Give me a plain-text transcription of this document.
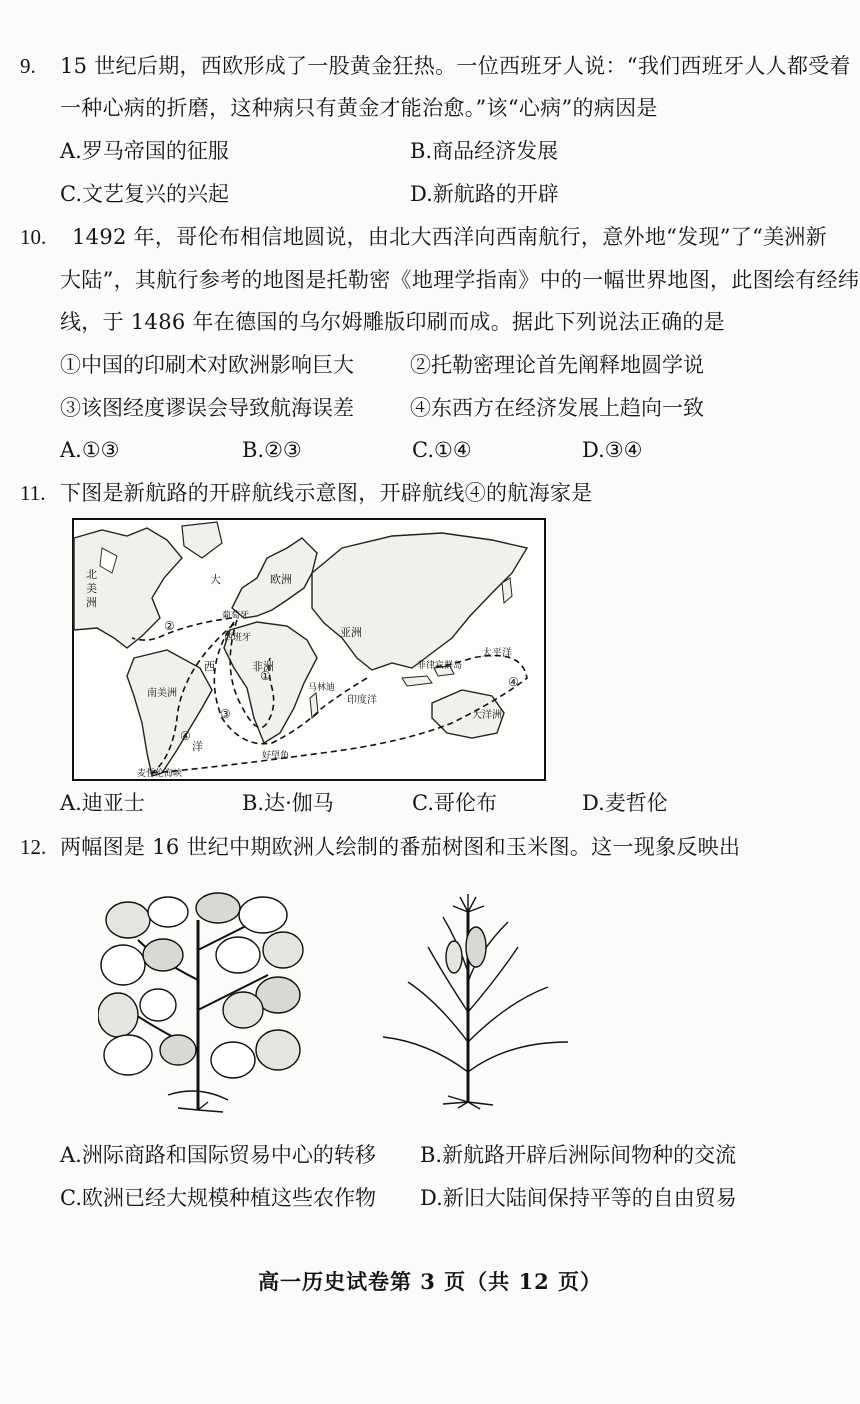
9. 15 世纪后期，西欧形成了一股黄金狂热。一位西班牙人说：“我们西班牙人人都受着
一种心病的折磨，这种病只有黄金才能治愈。”该“心病”的病因是
A.罗马帝国的征服	B.商品经济发展
C.文艺复兴的兴起	D.新航路的开辟
10. 1492 年，哥伦布相信地圆说，由北大西洋向西南航行，意外地“发现”了“美洲新
大陆”，其航行参考的地图是托勒密《地理学指南》中的一幅世界地图，此图绘有经纬
线，于 1486 年在德国的乌尔姆雕版印刷而成。据此下列说法正确的是
①中国的印刷术对欧洲影响巨大	②托勒密理论首先阐释地圆学说
③该图经度谬误会导致航海误差	④东西方在经济发展上趋向一致
A.①③	B.②③	C.①④	D.③④
11. 下图是新航路的开辟航线示意图，开辟航线④的航海家是
北
美
洲
大
西
洋
欧洲
亚洲
非洲
南美洲
太平洋
印度洋
大洋洲
西班牙
葡萄牙
马林迪
好望角
菲律宾群岛
麦哲伦海峡
①
②
③
④
④
A.迪亚士	B.达·伽马	C.哥伦布	D.麦哲伦
12. 两幅图是 16 世纪中期欧洲人绘制的番茄树图和玉米图。这一现象反映出
A.洲际商路和国际贸易中心的转移 B.新航路开辟后洲际间物种的交流
C.欧洲已经大规模种植这些农作物 D.新旧大陆间保持平等的自由贸易
高一历史试卷第 3 页（共 12 页）
